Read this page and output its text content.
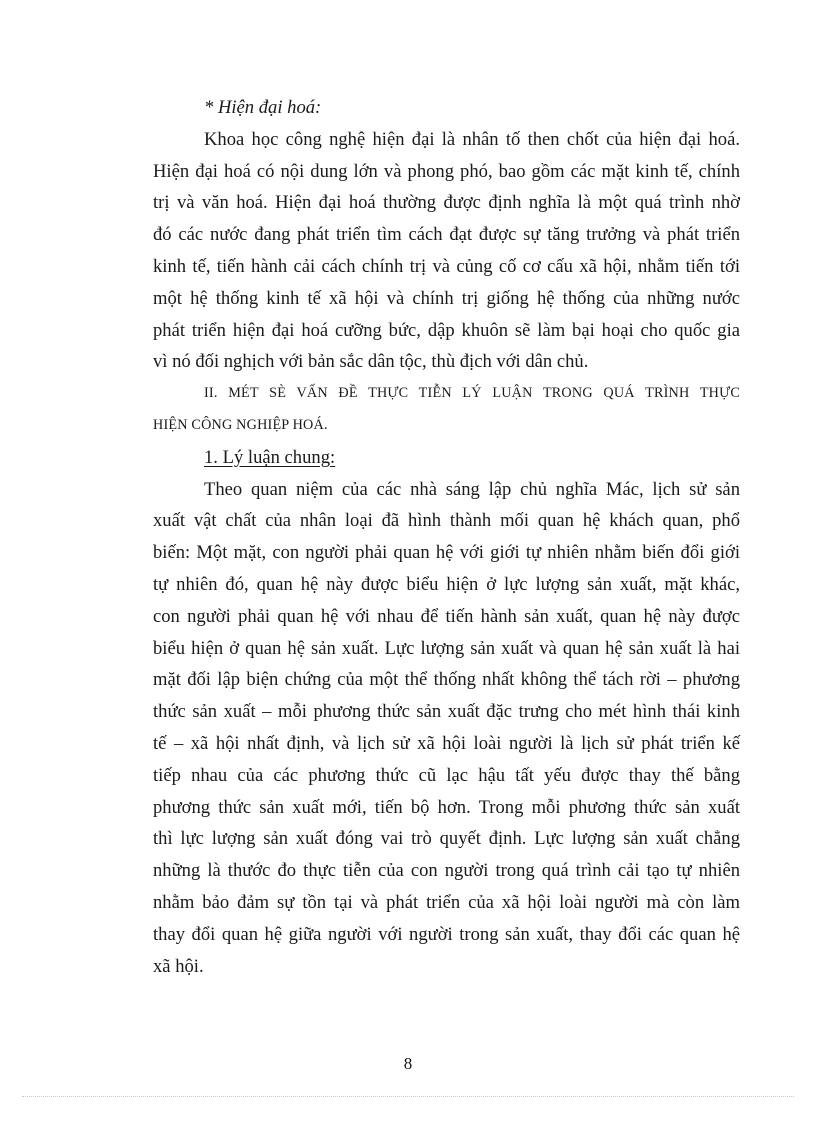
* Hiện đại hoá:
Khoa học công nghệ hiện đại là nhân tố then chốt của hiện đại hoá.
Hiện đại hoá có nội dung lớn và phong phó, bao gồm các mặt kinh tế, chính
trị và văn hoá. Hiện đại hoá thường được định nghĩa là một quá trình nhờ
đó các nước đang phát triển tìm cách đạt được sự tăng trưởng và phát triển
kinh tế, tiến hành cải cách chính trị và củng cố cơ cấu xã hội, nhằm tiến tới
một hệ thống kinh tế xã hội và chính trị giống hệ thống của những nước
phát triển hiện đại hoá cưỡng bức, dập khuôn sẽ làm bại hoại cho quốc gia
vì nó đối nghịch với bản sắc dân tộc, thù địch với dân chủ.
II. MÉT SÈ VẤN ĐỀ THỰC TIỄN LÝ LUẬN TRONG QUÁ TRÌNH THỰC
HIỆN CÔNG NGHIỆP HOÁ.
1. Lý luận chung:
Theo quan niệm của các nhà sáng lập chủ nghĩa Mác, lịch sử sản
xuất vật chất của nhân loại đã hình thành mối quan hệ khách quan, phổ
biến: Một mặt, con người phải quan hệ với giới tự nhiên nhằm biến đổi giới
tự nhiên đó, quan hệ này được biểu hiện ở lực lượng sản xuất, mặt khác,
con người phải quan hệ với nhau để tiến hành sản xuất, quan hệ này được
biểu hiện ở quan hệ sản xuất. Lực lượng sản xuất và quan hệ sản xuất là hai
mặt đối lập biện chứng của một thể thống nhất không thể tách rời – phương
thức sản xuất – mỗi phương thức sản xuất đặc trưng cho mét hình thái kinh
tế – xã hội nhất định, và lịch sử xã hội loài người là lịch sử phát triển kế
tiếp nhau của các phương thức cũ lạc hậu tất yếu được thay thế bằng
phương thức sản xuất mới, tiến bộ hơn. Trong mỗi phương thức sản xuất
thì lực lượng sản xuất đóng vai trò quyết định. Lực lượng sản xuất chẳng
những là thước đo thực tiễn của con người trong quá trình cải tạo tự nhiên
nhằm bảo đảm sự tồn tại và phát triển của xã hội loài người mà còn làm
thay đổi quan hệ giữa người với người trong sản xuất, thay đổi các quan hệ
xã hội.
8
